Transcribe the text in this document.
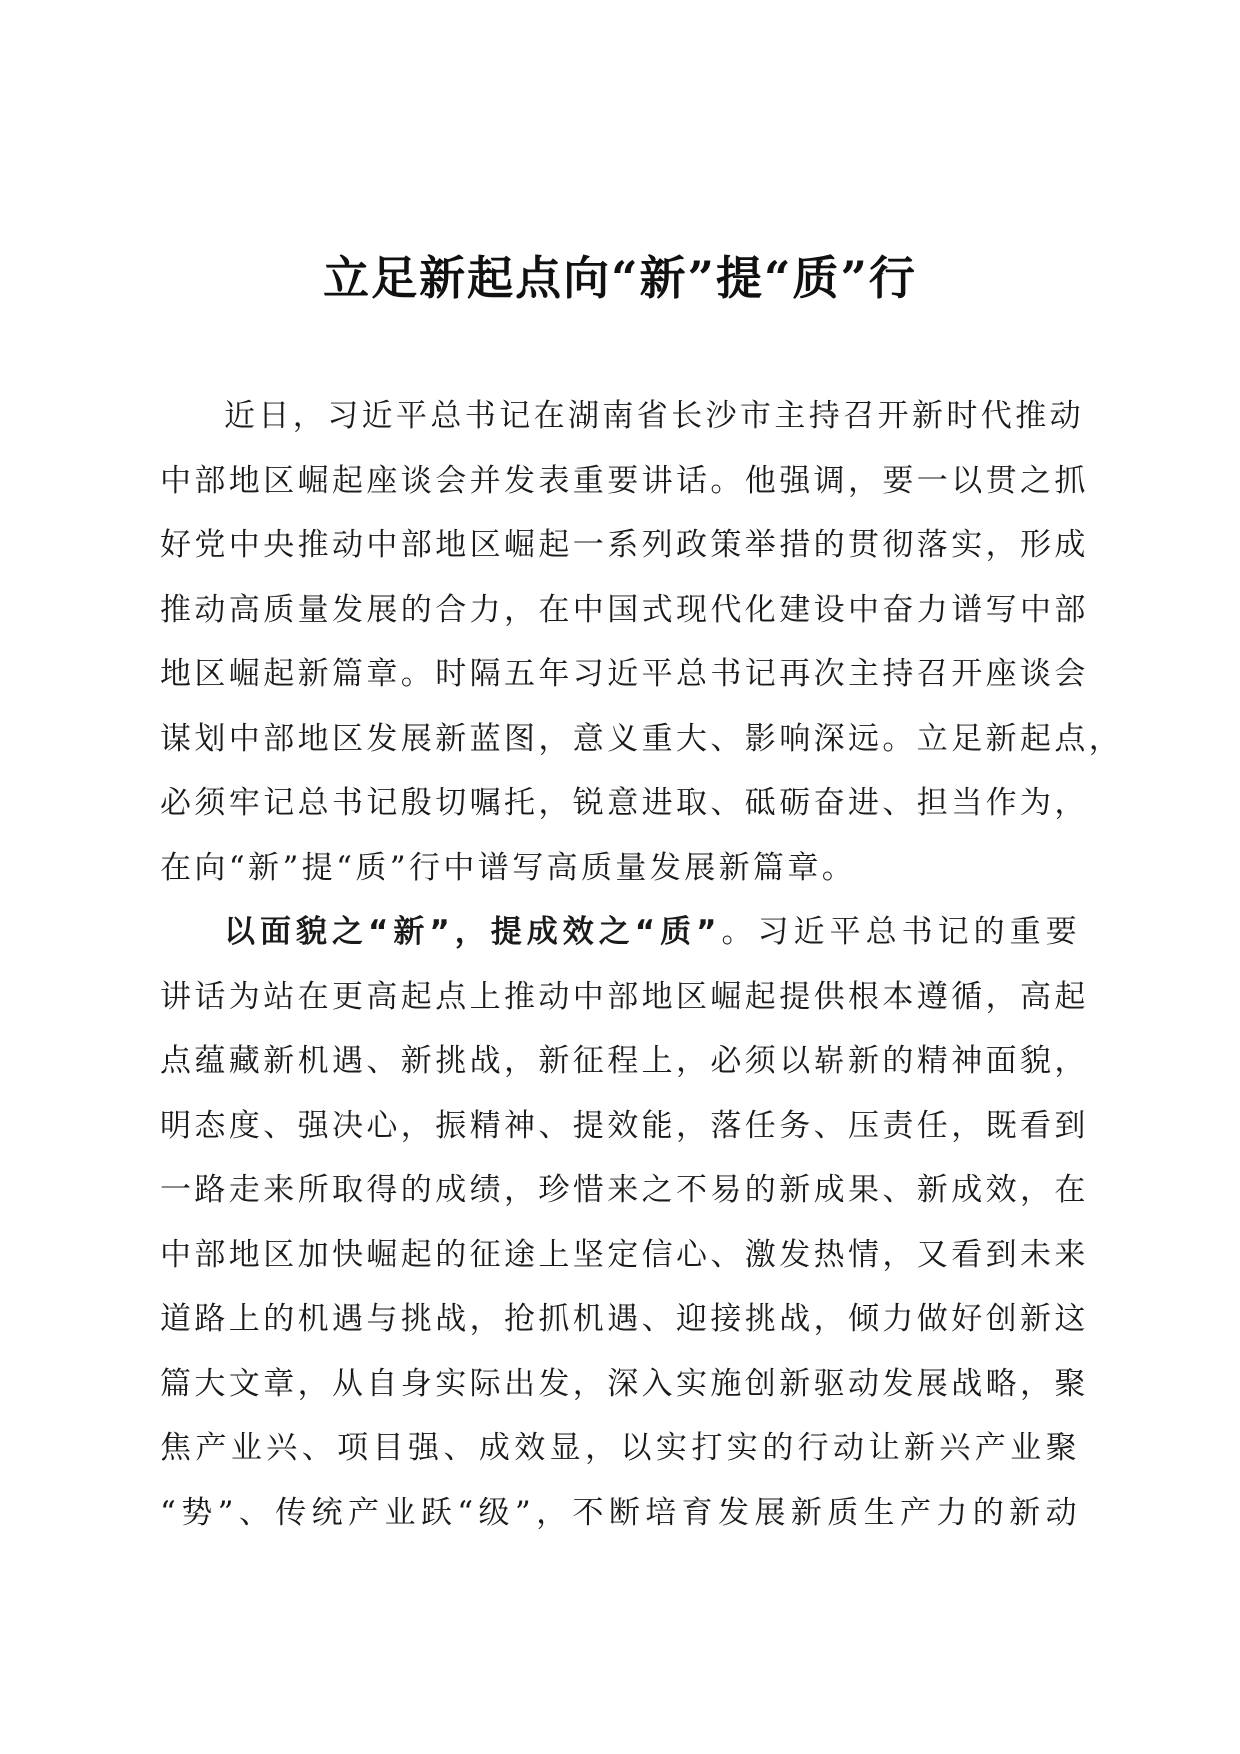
立足新起点向“新”提“质”行
近日，习近平总书记在湖南省长沙市主持召开新时代推动
中部地区崛起座谈会并发表重要讲话。他强调，要一以贯之抓
好党中央推动中部地区崛起一系列政策举措的贯彻落实，形成
推动高质量发展的合力，在中国式现代化建设中奋力谱写中部
地区崛起新篇章。时隔五年习近平总书记再次主持召开座谈会
谋划中部地区发展新蓝图，意义重大、影响深远。立足新起点，
必须牢记总书记殷切嘱托，锐意进取、砥砺奋进、担当作为，
在向“新”提“质”行中谱写高质量发展新篇章。
以面貌之“新”，提成效之“质”。习近平总书记的重要
讲话为站在更高起点上推动中部地区崛起提供根本遵循，高起
点蕴藏新机遇、新挑战，新征程上，必须以崭新的精神面貌，
明态度、强决心，振精神、提效能，落任务、压责任，既看到
一路走来所取得的成绩，珍惜来之不易的新成果、新成效，在
中部地区加快崛起的征途上坚定信心、激发热情，又看到未来
道路上的机遇与挑战，抢抓机遇、迎接挑战，倾力做好创新这
篇大文章，从自身实际出发，深入实施创新驱动发展战略，聚
焦产业兴、项目强、成效显，以实打实的行动让新兴产业聚
“势”、传统产业跃“级”，不断培育发展新质生产力的新动
